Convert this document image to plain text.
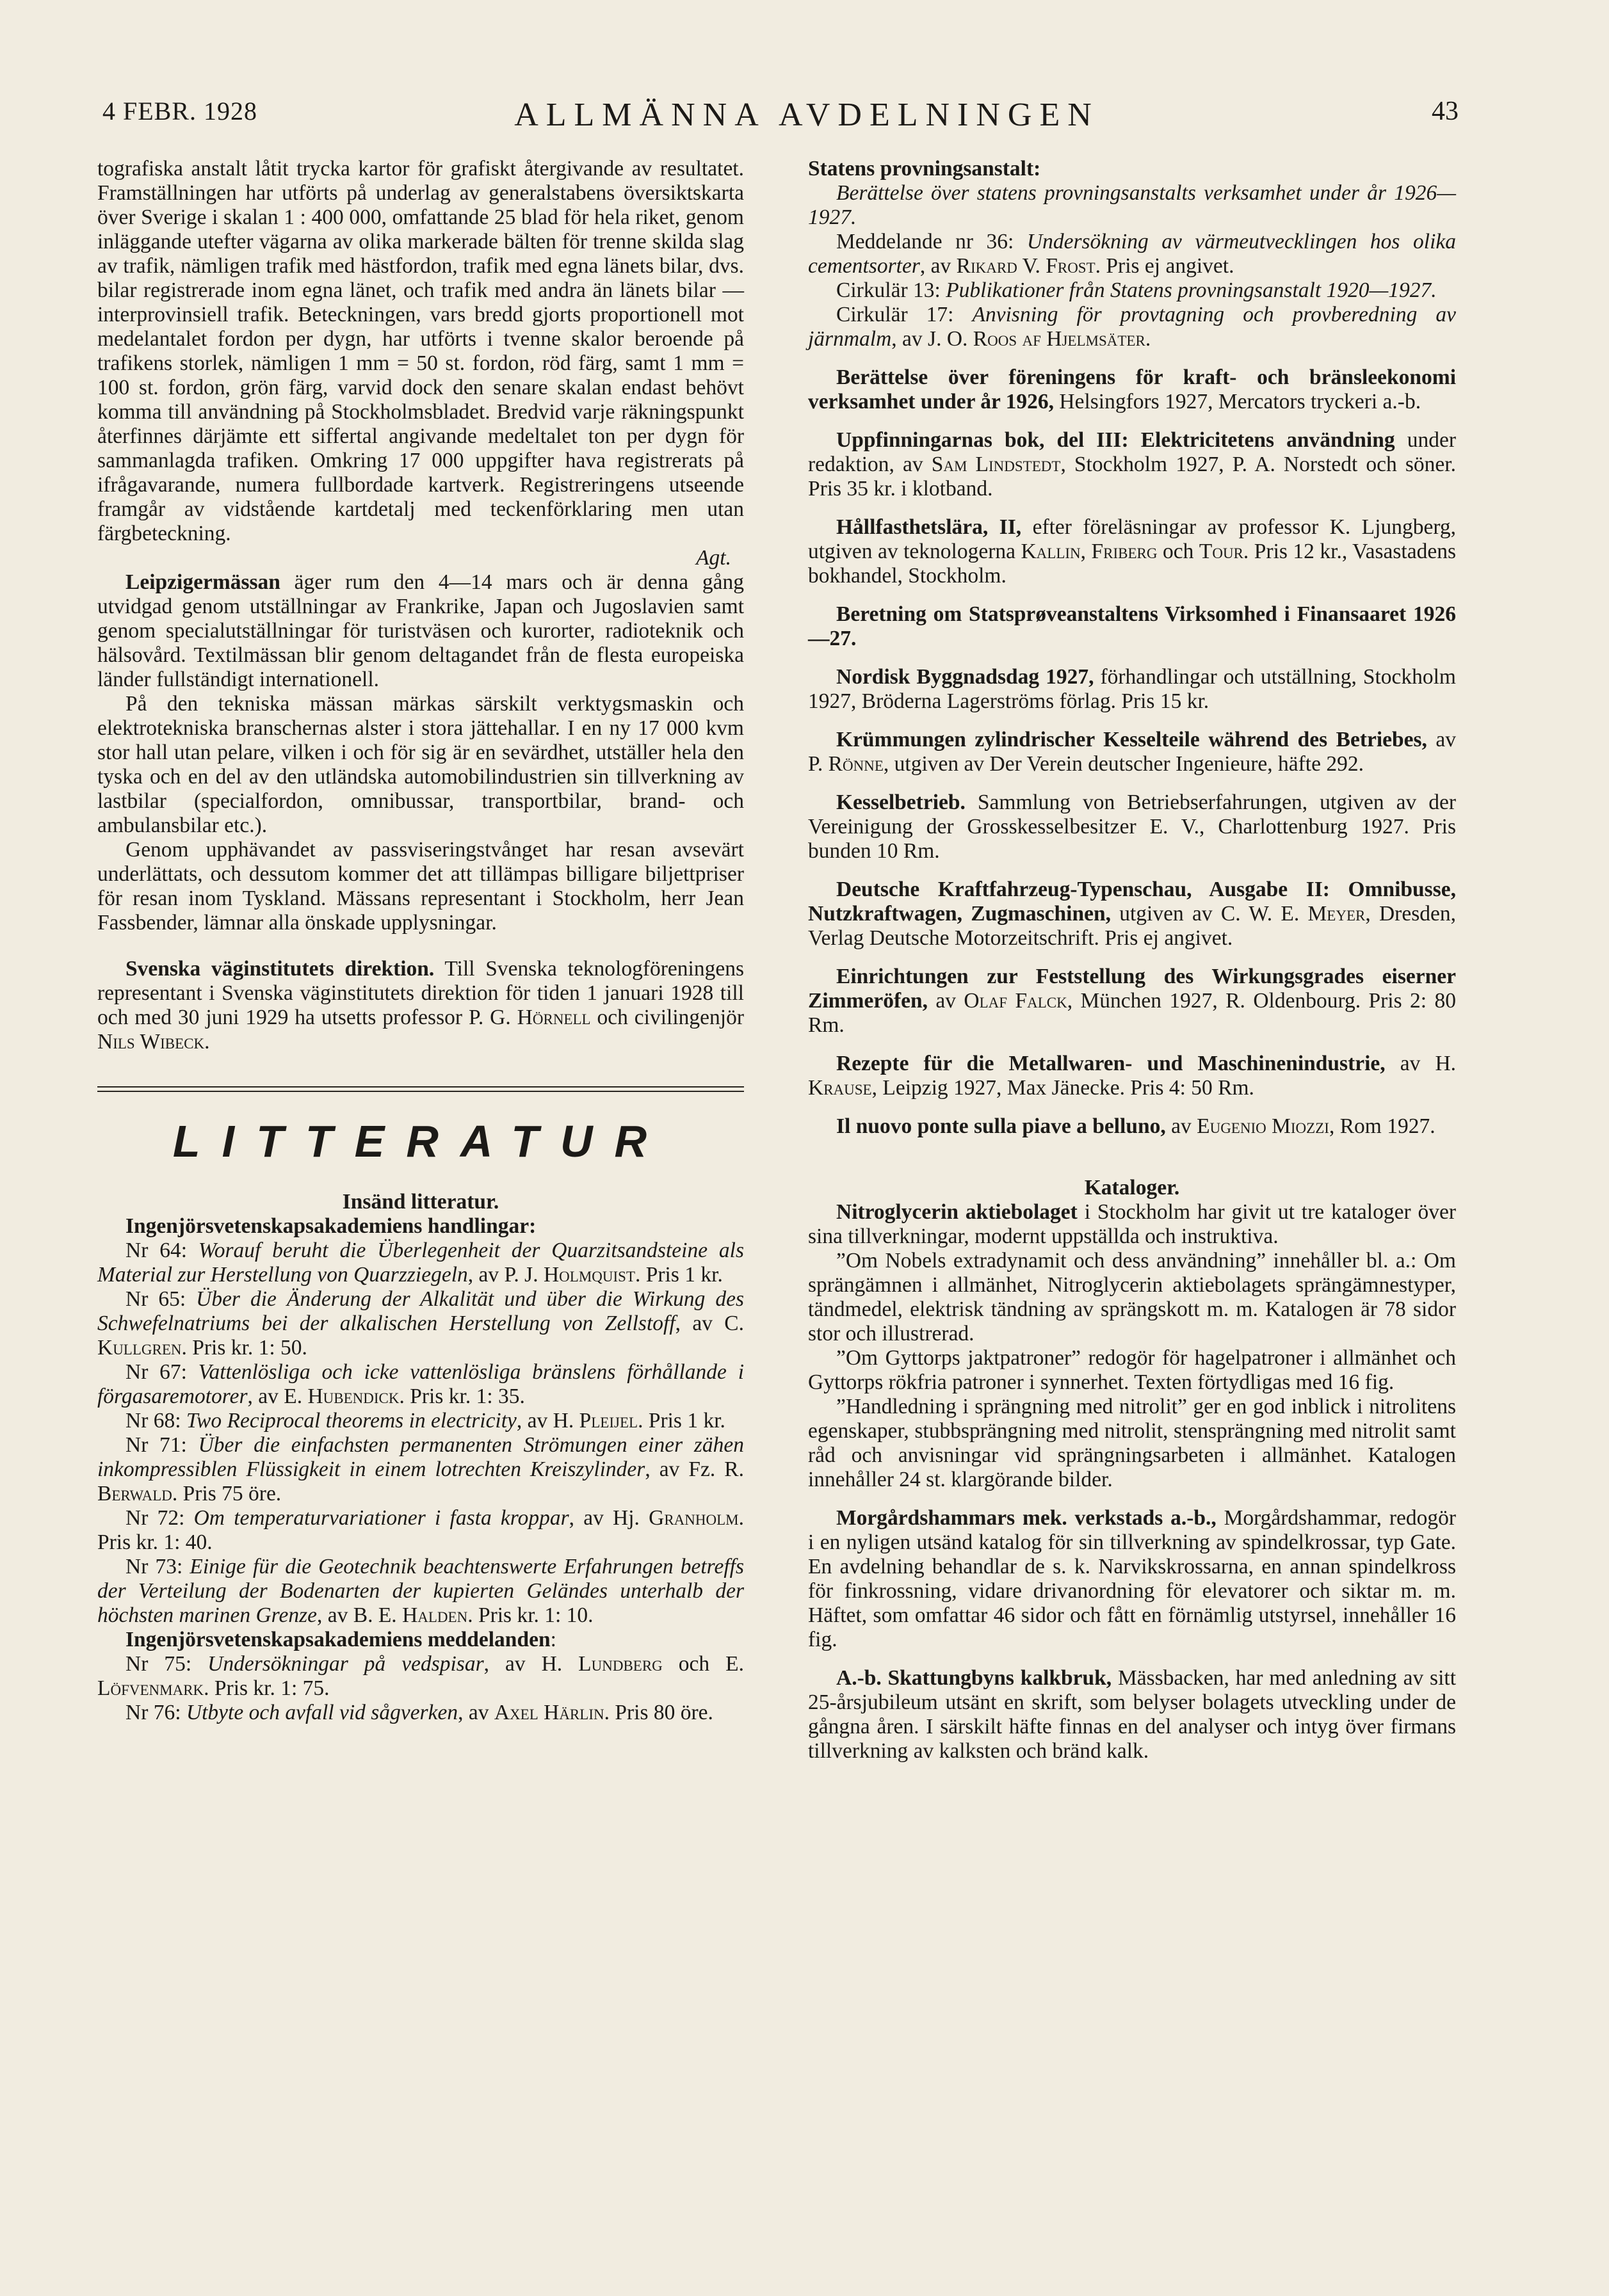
4 FEBR. 1928	ALLMÄNNA AVDELNINGEN	43

tografiska anstalt låtit trycka kartor för grafiskt återgivande av resultatet. Framställningen har utförts på underlag av generalstabens översiktskarta över Sverige i skalan 1 : 400 000, omfattande 25 blad för hela riket, genom inläggande utefter vägarna av olika markerade bälten för trenne skilda slag av trafik, nämligen trafik med hästfordon, trafik med egna länets bilar, dvs. bilar registrerade inom egna länet, och trafik med andra än länets bilar — interprovinsiell trafik. Beteckningen, vars bredd gjorts proportionell mot medelantalet fordon per dygn, har utförts i tvenne skalor beroende på trafikens storlek, nämligen 1 mm = 50 st. fordon, röd färg, samt 1 mm = 100 st. fordon, grön färg, varvid dock den senare skalan endast behövt komma till användning på Stockholmsbladet. Bredvid varje räkningspunkt återfinnes därjämte ett siffertal angivande medeltalet ton per dygn för sammanlagda trafiken. Omkring 17 000 uppgifter hava registrerats på ifrågavarande, numera fullbordade kartverk. Registreringens utseende framgår av vidstående kartdetalj med teckenförklaring men utan färgbeteckning.

Agt.

Leipzigermässan äger rum den 4—14 mars och är denna gång utvidgad genom utställningar av Frankrike, Japan och Jugoslavien samt genom specialutställningar för turistväsen och kurorter, radioteknik och hälsovård. Textilmässan blir genom deltagandet från de flesta europeiska länder fullständigt internationell.

På den tekniska mässan märkas särskilt verktygsmaskin och elektrotekniska branschernas alster i stora jättehallar. I en ny 17 000 kvm stor hall utan pelare, vilken i och för sig är en sevärdhet, utställer hela den tyska och en del av den utländska automobilindustrien sin tillverkning av lastbilar (specialfordon, omnibussar, transportbilar, brand- och ambulansbilar etc.).

Genom upphävandet av passviseringstvånget har resan avsevärt underlättats, och dessutom kommer det att tillämpas billigare biljettpriser för resan inom Tyskland. Mässans representant i Stockholm, herr Jean Fassbender, lämnar alla önskade upplysningar.

Svenska väginstitutets direktion. Till Svenska teknologföreningens representant i Svenska väginstitutets direktion för tiden 1 januari 1928 till och med 30 juni 1929 ha utsetts professor P. G. Hörnell och civilingenjör Nils Wibeck.

LITTERATUR

Insänd litteratur.

Ingenjörsvetenskapsakademiens handlingar:

Nr 64: Worauf beruht die Überlegenheit der Quarzitsandsteine als Material zur Herstellung von Quarzziegeln, av P. J. Holmquist. Pris 1 kr.

Nr 65: Über die Änderung der Alkalität und über die Wirkung des Schwefelnatriums bei der alkalischen Herstellung von Zellstoff, av C. Kullgren. Pris kr. 1: 50.

Nr 67: Vattenlösliga och icke vattenlösliga bränslens förhållande i förgasaremotorer, av E. Hubendick. Pris kr. 1: 35.

Nr 68: Two Reciprocal theorems in electricity, av H. Pleijel. Pris 1 kr.

Nr 71: Über die einfachsten permanenten Strömungen einer zähen inkompressiblen Flüssigkeit in einem lotrechten Kreiszylinder, av Fz. R. Berwald. Pris 75 öre.

Nr 72: Om temperaturvariationer i fasta kroppar, av Hj. Granholm. Pris kr. 1: 40.

Nr 73: Einige für die Geotechnik beachtenswerte Erfahrungen betreffs der Verteilung der Bodenarten der kupierten Geländes unterhalb der höchsten marinen Grenze, av B. E. Halden. Pris kr. 1: 10.

Ingenjörsvetenskapsakademiens meddelanden:

Nr 75: Undersökningar på vedspisar, av H. Lundberg och E. Löfvenmark. Pris kr. 1: 75.

Nr 76: Utbyte och avfall vid sågverken, av Axel Härlin. Pris 80 öre.

Statens provningsanstalt:

Berättelse över statens provningsanstalts verksamhet under år 1926—1927.

Meddelande nr 36: Undersökning av värmeutvecklingen hos olika cementsorter, av Rikard V. Frost. Pris ej angivet.

Cirkulär 13: Publikationer från Statens provningsanstalt 1920—1927.

Cirkulär 17: Anvisning för provtagning och provberedning av järnmalm, av J. O. Roos af Hjelmsäter.

Berättelse över föreningens för kraft- och bränsleekonomi verksamhet under år 1926, Helsingfors 1927, Mercators tryckeri a.-b.

Uppfinningarnas bok, del III: Elektricitetens användning under redaktion, av Sam Lindstedt, Stockholm 1927, P. A. Norstedt och söner. Pris 35 kr. i klotband.

Hållfasthetslära, II, efter föreläsningar av professor K. Ljungberg, utgiven av teknologerna Kallin, Friberg och Tour. Pris 12 kr., Vasastadens bokhandel, Stockholm.

Beretning om Statsprøveanstaltens Virksomhed i Finansaaret 1926—27.

Nordisk Byggnadsdag 1927, förhandlingar och utställning, Stockholm 1927, Bröderna Lagerströms förlag. Pris 15 kr.

Krümmungen zylindrischer Kesselteile während des Betriebes, av P. Rönne, utgiven av Der Verein deutscher Ingenieure, häfte 292.

Kesselbetrieb. Sammlung von Betriebserfahrungen, utgiven av der Vereinigung der Grosskesselbesitzer E. V., Charlottenburg 1927. Pris bunden 10 Rm.

Deutsche Kraftfahrzeug-Typenschau, Ausgabe II: Omnibusse, Nutzkraftwagen, Zugmaschinen, utgiven av C. W. E. Meyer, Dresden, Verlag Deutsche Motorzeitschrift. Pris ej angivet.

Einrichtungen zur Feststellung des Wirkungsgrades eiserner Zimmeröfen, av Olaf Falck, München 1927, R. Oldenbourg. Pris 2: 80 Rm.

Rezepte für die Metallwaren- und Maschinenindustrie, av H. Krause, Leipzig 1927, Max Jänecke. Pris 4: 50 Rm.

Il nuovo ponte sulla piave a belluno, av Eugenio Miozzi, Rom 1927.

Kataloger.

Nitroglycerin aktiebolaget i Stockholm har givit ut tre kataloger över sina tillverkningar, modernt uppställda och instruktiva.

”Om Nobels extradynamit och dess användning” innehåller bl. a.: Om sprängämnen i allmänhet, Nitroglycerin aktiebolagets sprängämnestyper, tändmedel, elektrisk tändning av sprängskott m. m. Katalogen är 78 sidor stor och illustrerad.

”Om Gyttorps jaktpatroner” redogör för hagelpatroner i allmänhet och Gyttorps rökfria patroner i synnerhet. Texten förtydligas med 16 fig.

”Handledning i sprängning med nitrolit” ger en god inblick i nitrolitens egenskaper, stubbsprängning med nitrolit, stensprängning med nitrolit samt råd och anvisningar vid sprängningsarbeten i allmänhet. Katalogen innehåller 24 st. klargörande bilder.

Morgårdshammars mek. verkstads a.-b., Morgårdshammar, redogör i en nyligen utsänd katalog för sin tillverkning av spindelkrossar, typ Gate. En avdelning behandlar de s. k. Narvikskrossarna, en annan spindelkross för finkrossning, vidare drivanordning för elevatorer och siktar m. m. Häftet, som omfattar 46 sidor och fått en förnämlig utstyrsel, innehåller 16 fig.

A.-b. Skattungbyns kalkbruk, Mässbacken, har med anledning av sitt 25-årsjubileum utsänt en skrift, som belyser bolagets utveckling under de gångna åren. I särskilt häfte finnas en del analyser och intyg över firmans tillverkning av kalksten och bränd kalk.
